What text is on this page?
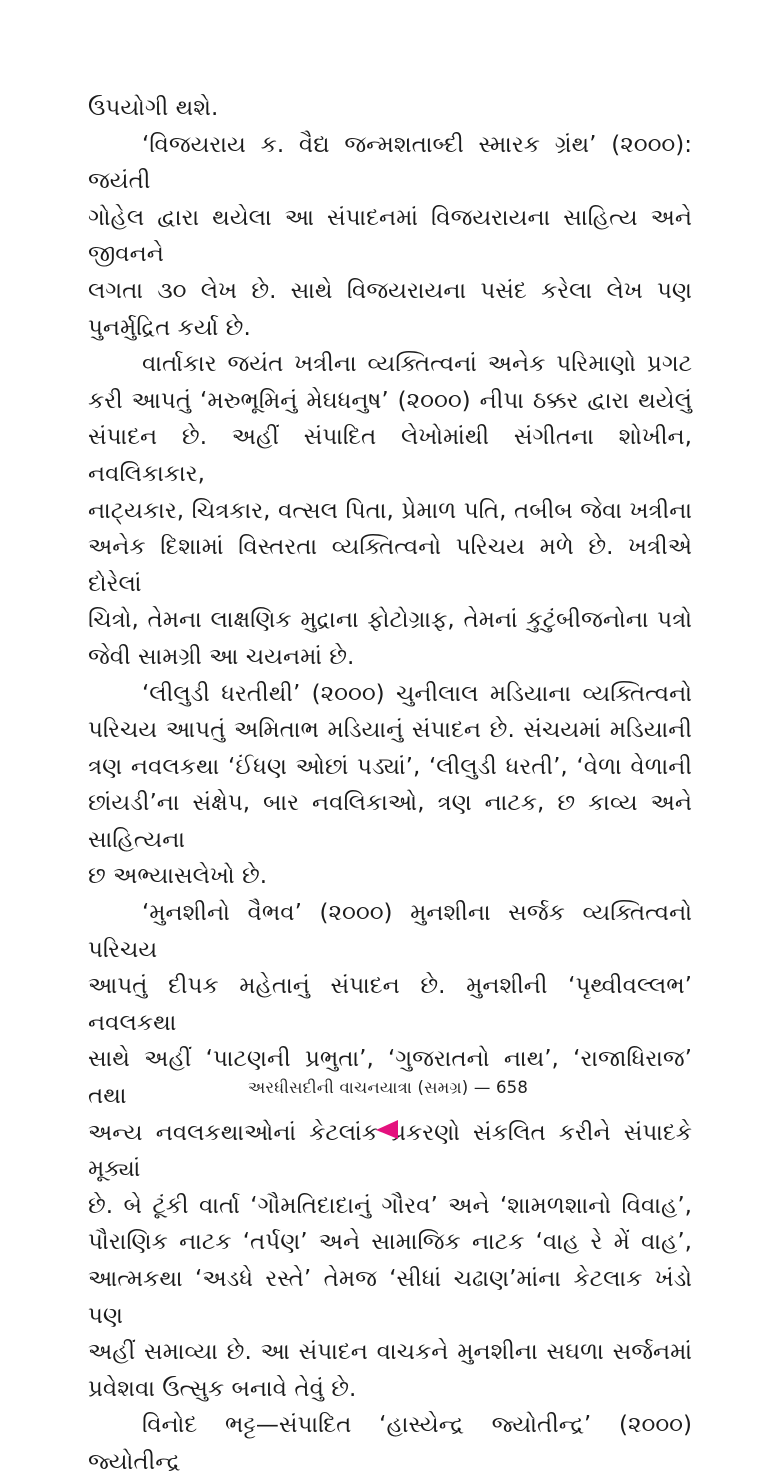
ઉપયોગી થશે.
‘વિજયરાય ક. વૈદ્ય જન્મશતાબ્દી સ્મારક ગ્રંથ’ (૨૦૦૦): જયંતી
ગોહેલ દ્વારા થયેલા આ સંપાદનમાં વિજયરાયના સાહિત્ય અને જીવનને
લગતા ૩૦ લેખ છે. સાથે વિજયરાયના પસંદ કરેલા લેખ પણ
પુનર્મુદ્રિત કર્યા છે.
વાર્તાકાર જયંત ખત્રીના વ્યક્તિત્વનાં અનેક પરિમાણો પ્રગટ
કરી આપતું ‘મરુભૂમિનું મેઘધનુષ’ (૨૦૦૦) નીપા ઠક્કર દ્વારા થયેલું
સંપાદન છે. અહીં સંપાદિત લેખોમાંથી સંગીતના શોખીન, નવલિકાકાર,
નાટ્યકાર, ચિત્રકાર, વત્સલ પિતા, પ્રેમાળ પતિ, તબીબ જેવા ખત્રીના
અનેક દિશામાં વિસ્તરતા વ્યક્તિત્વનો પરિચય મળે છે. ખત્રીએ દોરેલાં
ચિત્રો, તેમના લાક્ષણિક મુદ્રાના ફોટોગ્રાફ, તેમનાં કુટુંબીજનોના પત્રો
જેવી સામગ્રી આ ચયનમાં છે.
‘લીલુડી ધરતીથી’ (૨૦૦૦) ચુનીલાલ મડિયાના વ્યક્તિત્વનો
પરિચય આપતું અમિતાભ મડિયાનું સંપાદન છે. સંચયમાં મડિયાની
ત્રણ નવલકથા ‘ઈંધણ ઓછાં પડ્યાં’, ‘લીલુડી ધરતી’, ‘વેળા વેળાની
છાંયડી’ના સંક્ષેપ, બાર નવલિકાઓ, ત્રણ નાટક, છ કાવ્ય અને સાહિત્યના
છ અભ્યાસલેખો છે.
‘મુનશીનો વૈભવ’ (૨૦૦૦) મુનશીના સર્જક વ્યક્તિત્વનો પરિચય
આપતું દીપક મહેતાનું સંપાદન છે. મુનશીની ‘પૃથ્વીવલ્લભ’ નવલકથા
સાથે અહીં ‘પાટણની પ્રભુતા’, ‘ગુજરાતનો નાથ’, ‘રાજાધિરાજ’ તથા
અન્ય નવલકથાઓનાં કેટલાંક પ્રકરણો સંકલિત કરીને સંપાદકે મૂક્યાં
છે. બે ટૂંકી વાર્તા ‘ગૌમતિદાદાનું ગૌરવ’ અને ‘શામળશાનો વિવાહ’,
પૌરાણિક નાટક ‘તર્પણ’ અને સામાજિક નાટક ‘વાહ રે મેં વાહ’,
આત્મકથા ‘અડધે રસ્તે’ તેમજ ‘સીધાં ચઢાણ’માંના કેટલાક ખંડો પણ
અહીં સમાવ્યા છે. આ સંપાદન વાચકને મુનશીના સઘળા સર્જનમાં
પ્રવેશવા ઉત્સુક બનાવે તેવું છે.
વિનોદ ભટ્ટ—સંપાદિત ‘હાસ્યેન્દ્ર જ્યોતીન્દ્ર’ (૨૦૦૦) જ્યોતીન્દ્ર
અરધીસદીની વાચનયાત્રા (સમગ્ર) — 658
